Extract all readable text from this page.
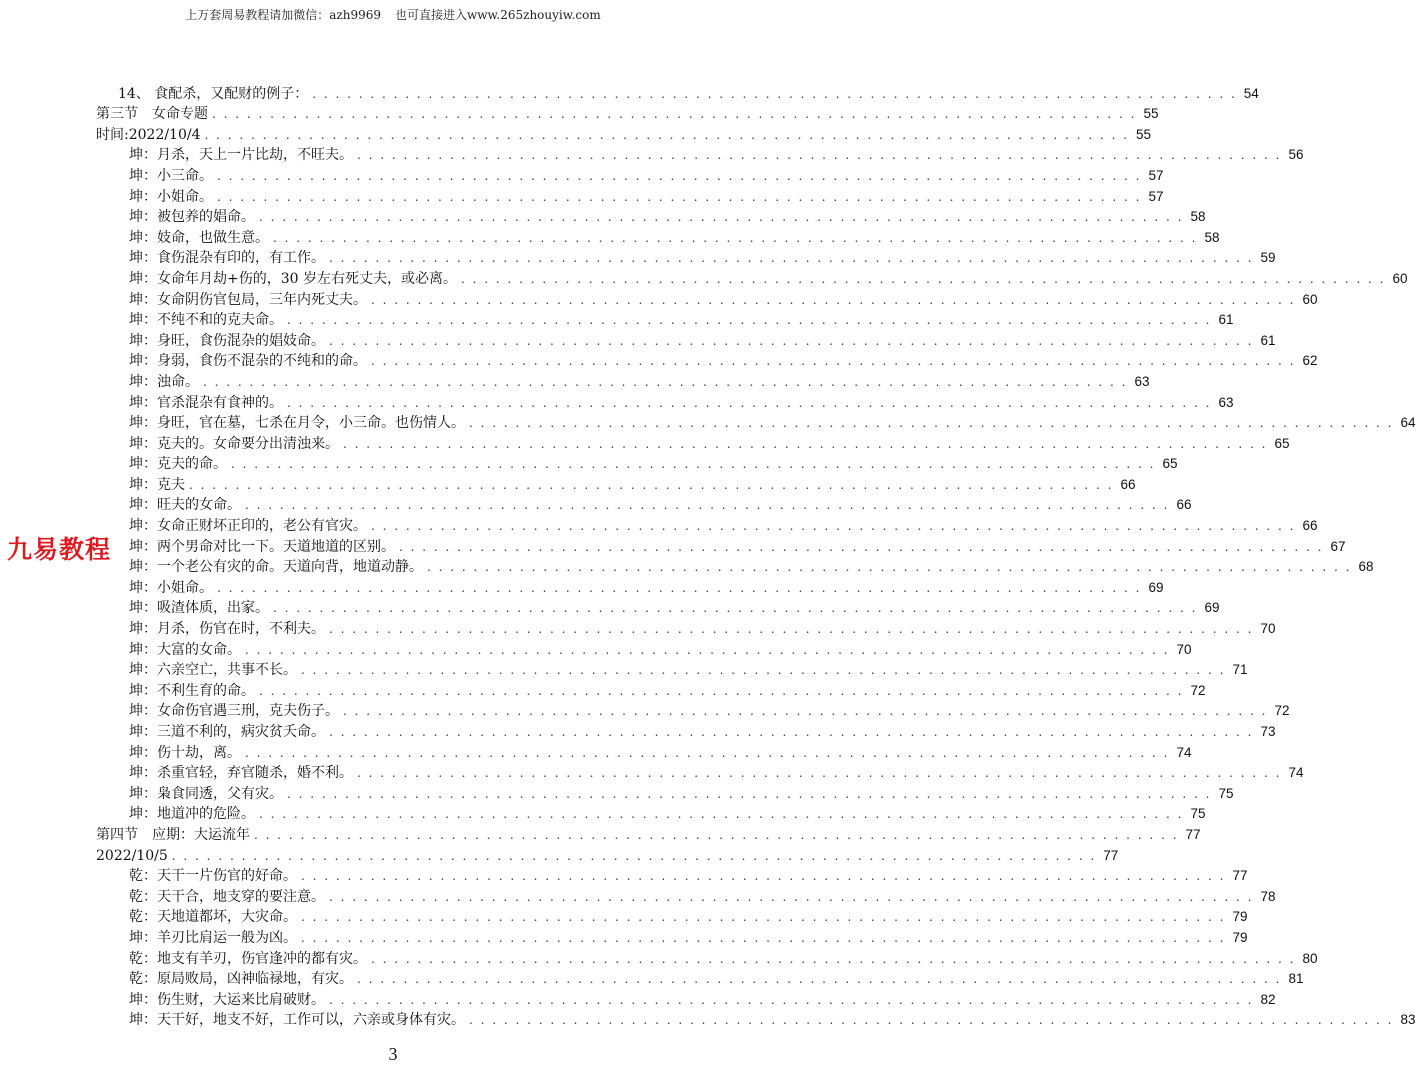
上万套周易教程请加微信：azh9969 也可直接进入www.265zhouyiw.com
14、 食配杀，又配财的例子： . . . . . . . . . . . . . . . . . . . . . . . . . . . . . . . . . . . . . . . . . . . . . . . . . . . . . . . . . . . . . . . . . . . . . . . . . . . . . . . . 54
第三节　女命专题 . . . . . . . . . . . . . . . . . . . . . . . . . . . . . . . . . . . . . . . . . . . . . . . . . . . . . . . . . . . . . . . . . . . . . . . . . . . . . . . . 55
时间:2022/10/4 . . . . . . . . . . . . . . . . . . . . . . . . . . . . . . . . . . . . . . . . . . . . . . . . . . . . . . . . . . . . . . . . . . . . . . . . . . . . . . . . 55
坤：月杀，天上一片比劫，不旺夫。 . . . . . . . . . . . . . . . . . . . . . . . . . . . . . . . . . . . . . . . . . . . . . . . . . . . . . . . . . . . . . . . . . . . . . . . . . . . . . . . . 56
坤：小三命。 . . . . . . . . . . . . . . . . . . . . . . . . . . . . . . . . . . . . . . . . . . . . . . . . . . . . . . . . . . . . . . . . . . . . . . . . . . . . . . . . 57
坤：小姐命。 . . . . . . . . . . . . . . . . . . . . . . . . . . . . . . . . . . . . . . . . . . . . . . . . . . . . . . . . . . . . . . . . . . . . . . . . . . . . . . . . 57
坤：被包养的娼命。 . . . . . . . . . . . . . . . . . . . . . . . . . . . . . . . . . . . . . . . . . . . . . . . . . . . . . . . . . . . . . . . . . . . . . . . . . . . . . . . . 58
坤：妓命，也做生意。 . . . . . . . . . . . . . . . . . . . . . . . . . . . . . . . . . . . . . . . . . . . . . . . . . . . . . . . . . . . . . . . . . . . . . . . . . . . . . . . . 58
坤：食伤混杂有印的，有工作。 . . . . . . . . . . . . . . . . . . . . . . . . . . . . . . . . . . . . . . . . . . . . . . . . . . . . . . . . . . . . . . . . . . . . . . . . . . . . . . . . 59
坤：女命年月劫+伤的，30 岁左右死丈夫，或必离。 . . . . . . . . . . . . . . . . . . . . . . . . . . . . . . . . . . . . . . . . . . . . . . . . . . . . . . . . . . . . . . . . . . . . . . . . . . . . . . . . 60
坤：女命阴伤官包局，三年内死丈夫。 . . . . . . . . . . . . . . . . . . . . . . . . . . . . . . . . . . . . . . . . . . . . . . . . . . . . . . . . . . . . . . . . . . . . . . . . . . . . . . . . 60
坤：不纯不和的克夫命。 . . . . . . . . . . . . . . . . . . . . . . . . . . . . . . . . . . . . . . . . . . . . . . . . . . . . . . . . . . . . . . . . . . . . . . . . . . . . . . . . 61
坤：身旺，食伤混杂的娼妓命。 . . . . . . . . . . . . . . . . . . . . . . . . . . . . . . . . . . . . . . . . . . . . . . . . . . . . . . . . . . . . . . . . . . . . . . . . . . . . . . . . 61
坤：身弱，食伤不混杂的不纯和的命。 . . . . . . . . . . . . . . . . . . . . . . . . . . . . . . . . . . . . . . . . . . . . . . . . . . . . . . . . . . . . . . . . . . . . . . . . . . . . . . . . 62
坤：浊命。 . . . . . . . . . . . . . . . . . . . . . . . . . . . . . . . . . . . . . . . . . . . . . . . . . . . . . . . . . . . . . . . . . . . . . . . . . . . . . . . . 63
坤：官杀混杂有食神的。 . . . . . . . . . . . . . . . . . . . . . . . . . . . . . . . . . . . . . . . . . . . . . . . . . . . . . . . . . . . . . . . . . . . . . . . . . . . . . . . . 63
坤：身旺，官在墓，七杀在月令，小三命。也伤情人。 . . . . . . . . . . . . . . . . . . . . . . . . . . . . . . . . . . . . . . . . . . . . . . . . . . . . . . . . . . . . . . . . . . . . . . . . . . . . . . . . 64
坤：克夫的。女命要分出清浊来。 . . . . . . . . . . . . . . . . . . . . . . . . . . . . . . . . . . . . . . . . . . . . . . . . . . . . . . . . . . . . . . . . . . . . . . . . . . . . . . . . 65
坤：克夫的命。 . . . . . . . . . . . . . . . . . . . . . . . . . . . . . . . . . . . . . . . . . . . . . . . . . . . . . . . . . . . . . . . . . . . . . . . . . . . . . . . . 65
坤：克夫 . . . . . . . . . . . . . . . . . . . . . . . . . . . . . . . . . . . . . . . . . . . . . . . . . . . . . . . . . . . . . . . . . . . . . . . . . . . . . . . . 66
坤：旺夫的女命。 . . . . . . . . . . . . . . . . . . . . . . . . . . . . . . . . . . . . . . . . . . . . . . . . . . . . . . . . . . . . . . . . . . . . . . . . . . . . . . . . 66
坤：女命正财坏正印的，老公有官灾。 . . . . . . . . . . . . . . . . . . . . . . . . . . . . . . . . . . . . . . . . . . . . . . . . . . . . . . . . . . . . . . . . . . . . . . . . . . . . . . . . 66
坤：两个男命对比一下。天道地道的区别。 . . . . . . . . . . . . . . . . . . . . . . . . . . . . . . . . . . . . . . . . . . . . . . . . . . . . . . . . . . . . . . . . . . . . . . . . . . . . . . . . 67
坤：一个老公有灾的命。天道向背，地道动静。 . . . . . . . . . . . . . . . . . . . . . . . . . . . . . . . . . . . . . . . . . . . . . . . . . . . . . . . . . . . . . . . . . . . . . . . . . . . . . . . . 68
坤：小姐命。 . . . . . . . . . . . . . . . . . . . . . . . . . . . . . . . . . . . . . . . . . . . . . . . . . . . . . . . . . . . . . . . . . . . . . . . . . . . . . . . . 69
坤：吸渣体质，出家。 . . . . . . . . . . . . . . . . . . . . . . . . . . . . . . . . . . . . . . . . . . . . . . . . . . . . . . . . . . . . . . . . . . . . . . . . . . . . . . . . 69
坤：月杀，伤官在时，不利夫。 . . . . . . . . . . . . . . . . . . . . . . . . . . . . . . . . . . . . . . . . . . . . . . . . . . . . . . . . . . . . . . . . . . . . . . . . . . . . . . . . 70
坤：大富的女命。 . . . . . . . . . . . . . . . . . . . . . . . . . . . . . . . . . . . . . . . . . . . . . . . . . . . . . . . . . . . . . . . . . . . . . . . . . . . . . . . . 70
坤：六亲空亡，共事不长。 . . . . . . . . . . . . . . . . . . . . . . . . . . . . . . . . . . . . . . . . . . . . . . . . . . . . . . . . . . . . . . . . . . . . . . . . . . . . . . . . 71
坤：不利生育的命。 . . . . . . . . . . . . . . . . . . . . . . . . . . . . . . . . . . . . . . . . . . . . . . . . . . . . . . . . . . . . . . . . . . . . . . . . . . . . . . . . 72
坤：女命伤官遇三刑，克夫伤子。 . . . . . . . . . . . . . . . . . . . . . . . . . . . . . . . . . . . . . . . . . . . . . . . . . . . . . . . . . . . . . . . . . . . . . . . . . . . . . . . . 72
坤：三道不利的，病灾贫夭命。 . . . . . . . . . . . . . . . . . . . . . . . . . . . . . . . . . . . . . . . . . . . . . . . . . . . . . . . . . . . . . . . . . . . . . . . . . . . . . . . . 73
坤：伤十劫，离。 . . . . . . . . . . . . . . . . . . . . . . . . . . . . . . . . . . . . . . . . . . . . . . . . . . . . . . . . . . . . . . . . . . . . . . . . . . . . . . . . 74
坤：杀重官轻，弃官随杀，婚不利。 . . . . . . . . . . . . . . . . . . . . . . . . . . . . . . . . . . . . . . . . . . . . . . . . . . . . . . . . . . . . . . . . . . . . . . . . . . . . . . . . 74
坤：枭食同透，父有灾。 . . . . . . . . . . . . . . . . . . . . . . . . . . . . . . . . . . . . . . . . . . . . . . . . . . . . . . . . . . . . . . . . . . . . . . . . . . . . . . . . 75
坤：地道冲的危险。 . . . . . . . . . . . . . . . . . . . . . . . . . . . . . . . . . . . . . . . . . . . . . . . . . . . . . . . . . . . . . . . . . . . . . . . . . . . . . . . . 75
第四节　应期：大运流年 . . . . . . . . . . . . . . . . . . . . . . . . . . . . . . . . . . . . . . . . . . . . . . . . . . . . . . . . . . . . . . . . . . . . . . . . . . . . . . . . 77
2022/10/5 . . . . . . . . . . . . . . . . . . . . . . . . . . . . . . . . . . . . . . . . . . . . . . . . . . . . . . . . . . . . . . . . . . . . . . . . . . . . . . . . 77
乾：天干一片伤官的好命。 . . . . . . . . . . . . . . . . . . . . . . . . . . . . . . . . . . . . . . . . . . . . . . . . . . . . . . . . . . . . . . . . . . . . . . . . . . . . . . . . 77
乾：天干合，地支穿的要注意。 . . . . . . . . . . . . . . . . . . . . . . . . . . . . . . . . . . . . . . . . . . . . . . . . . . . . . . . . . . . . . . . . . . . . . . . . . . . . . . . . 78
乾：天地道都坏，大灾命。 . . . . . . . . . . . . . . . . . . . . . . . . . . . . . . . . . . . . . . . . . . . . . . . . . . . . . . . . . . . . . . . . . . . . . . . . . . . . . . . . 79
坤：羊刃比肩运一般为凶。 . . . . . . . . . . . . . . . . . . . . . . . . . . . . . . . . . . . . . . . . . . . . . . . . . . . . . . . . . . . . . . . . . . . . . . . . . . . . . . . . 79
乾：地支有羊刃，伤官逢冲的都有灾。 . . . . . . . . . . . . . . . . . . . . . . . . . . . . . . . . . . . . . . . . . . . . . . . . . . . . . . . . . . . . . . . . . . . . . . . . . . . . . . . . 80
乾：原局败局，凶神临禄地，有灾。 . . . . . . . . . . . . . . . . . . . . . . . . . . . . . . . . . . . . . . . . . . . . . . . . . . . . . . . . . . . . . . . . . . . . . . . . . . . . . . . . 81
坤：伤生财，大运来比肩破财。 . . . . . . . . . . . . . . . . . . . . . . . . . . . . . . . . . . . . . . . . . . . . . . . . . . . . . . . . . . . . . . . . . . . . . . . . . . . . . . . . 82
坤：天干好，地支不好，工作可以，六亲或身体有灾。 . . . . . . . . . . . . . . . . . . . . . . . . . . . . . . . . . . . . . . . . . . . . . . . . . . . . . . . . . . . . . . . . . . . . . . . . . . . . . . . . 83
九易教程
3
